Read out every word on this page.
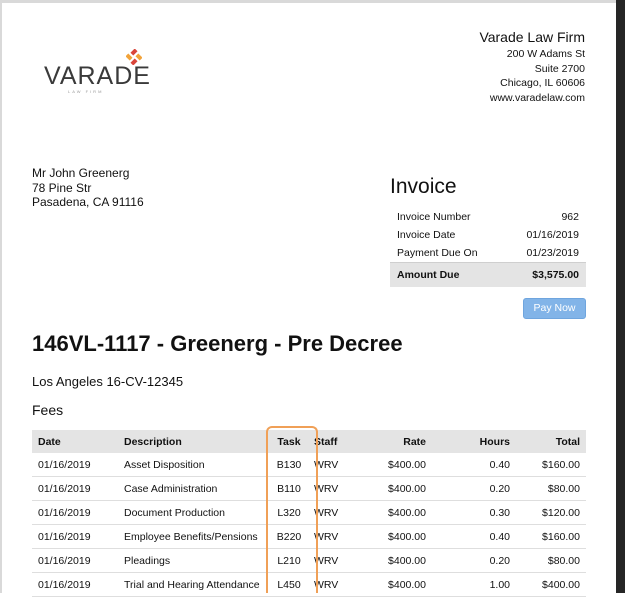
VARADE
LAW FIRM
Varade Law Firm
200 W Adams St
Suite 2700
Chicago, IL 60606
www.varadelaw.com
Mr John Greenerg
78 Pine Str
Pasadena, CA 91116
Invoice
Invoice Number	962
Invoice Date	01/16/2019
Payment Due On	01/23/2019
Amount Due	$3,575.00
Pay Now
146VL-1117 - Greenerg - Pre Decree
Los Angeles 16-CV-12345
Fees
Date	Description	Task	Staff	Rate	Hours	Total
01/16/2019	Asset Disposition	B130	WRV	$400.00	0.40	$160.00
01/16/2019	Case Administration	B110	WRV	$400.00	0.20	$80.00
01/16/2019	Document Production	L320	WRV	$400.00	0.30	$120.00
01/16/2019	Employee Benefits/Pensions	B220	WRV	$400.00	0.40	$160.00
01/16/2019	Pleadings	L210	WRV	$400.00	0.20	$80.00
01/16/2019	Trial and Hearing Attendance	L450	WRV	$400.00	1.00	$400.00
